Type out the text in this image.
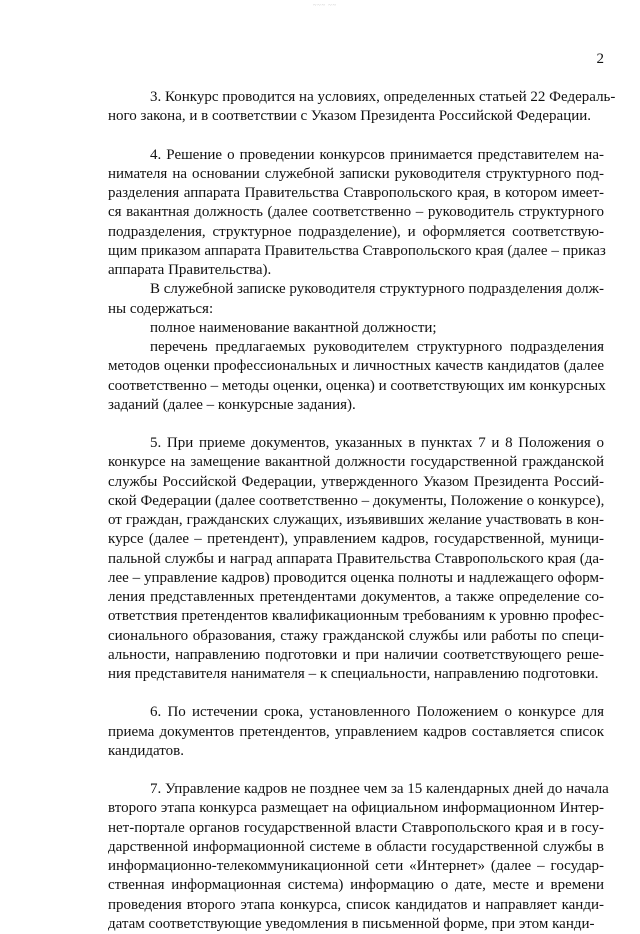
~~~ ~~
2
3. Конкурс проводится на условиях, определенных статьей 22 Федераль-
ного закона, и в соответствии с Указом Президента Российской Федерации.
4. Решение о проведении конкурсов принимается представителем на-
нимателя на основании служебной записки руководителя структурного под-
разделения аппарата Правительства Ставропольского края, в котором имеет-
ся вакантная должность (далее соответственно – руководитель структурного
подразделения, структурное подразделение), и оформляется соответствую-
щим приказом аппарата Правительства Ставропольского края (далее – приказ
аппарата Правительства).
В служебной записке руководителя структурного подразделения долж-
ны содержаться:
полное наименование вакантной должности;
перечень предлагаемых руководителем структурного подразделения
методов оценки профессиональных и личностных качеств кандидатов (далее
соответственно – методы оценки, оценка) и соответствующих им конкурсных
заданий (далее – конкурсные задания).
5. При приеме документов, указанных в пунктах 7 и 8 Положения о
конкурсе на замещение вакантной должности государственной гражданской
службы Российской Федерации, утвержденного Указом Президента Россий-
ской Федерации (далее соответственно – документы, Положение о конкурсе),
от граждан, гражданских служащих, изъявивших желание участвовать в кон-
курсе (далее – претендент), управлением кадров, государственной, муници-
пальной службы и наград аппарата Правительства Ставропольского края (да-
лее – управление кадров) проводится оценка полноты и надлежащего оформ-
ления представленных претендентами документов, а также определение со-
ответствия претендентов квалификационным требованиям к уровню профес-
сионального образования, стажу гражданской службы или работы по специ-
альности, направлению подготовки и при наличии соответствующего реше-
ния представителя нанимателя – к специальности, направлению подготовки.
6. По истечении срока, установленного Положением о конкурсе для
приема документов претендентов, управлением кадров составляется список
кандидатов.
7. Управление кадров не позднее чем за 15 календарных дней до начала
второго этапа конкурса размещает на официальном информационном Интер-
нет-портале органов государственной власти Ставропольского края и в госу-
дарственной информационной системе в области государственной службы в
информационно-телекоммуникационной сети «Интернет» (далее – государ-
ственная информационная система) информацию о дате, месте и времени
проведения второго этапа конкурса, список кандидатов и направляет канди-
датам соответствующие уведомления в письменной форме, при этом канди-
